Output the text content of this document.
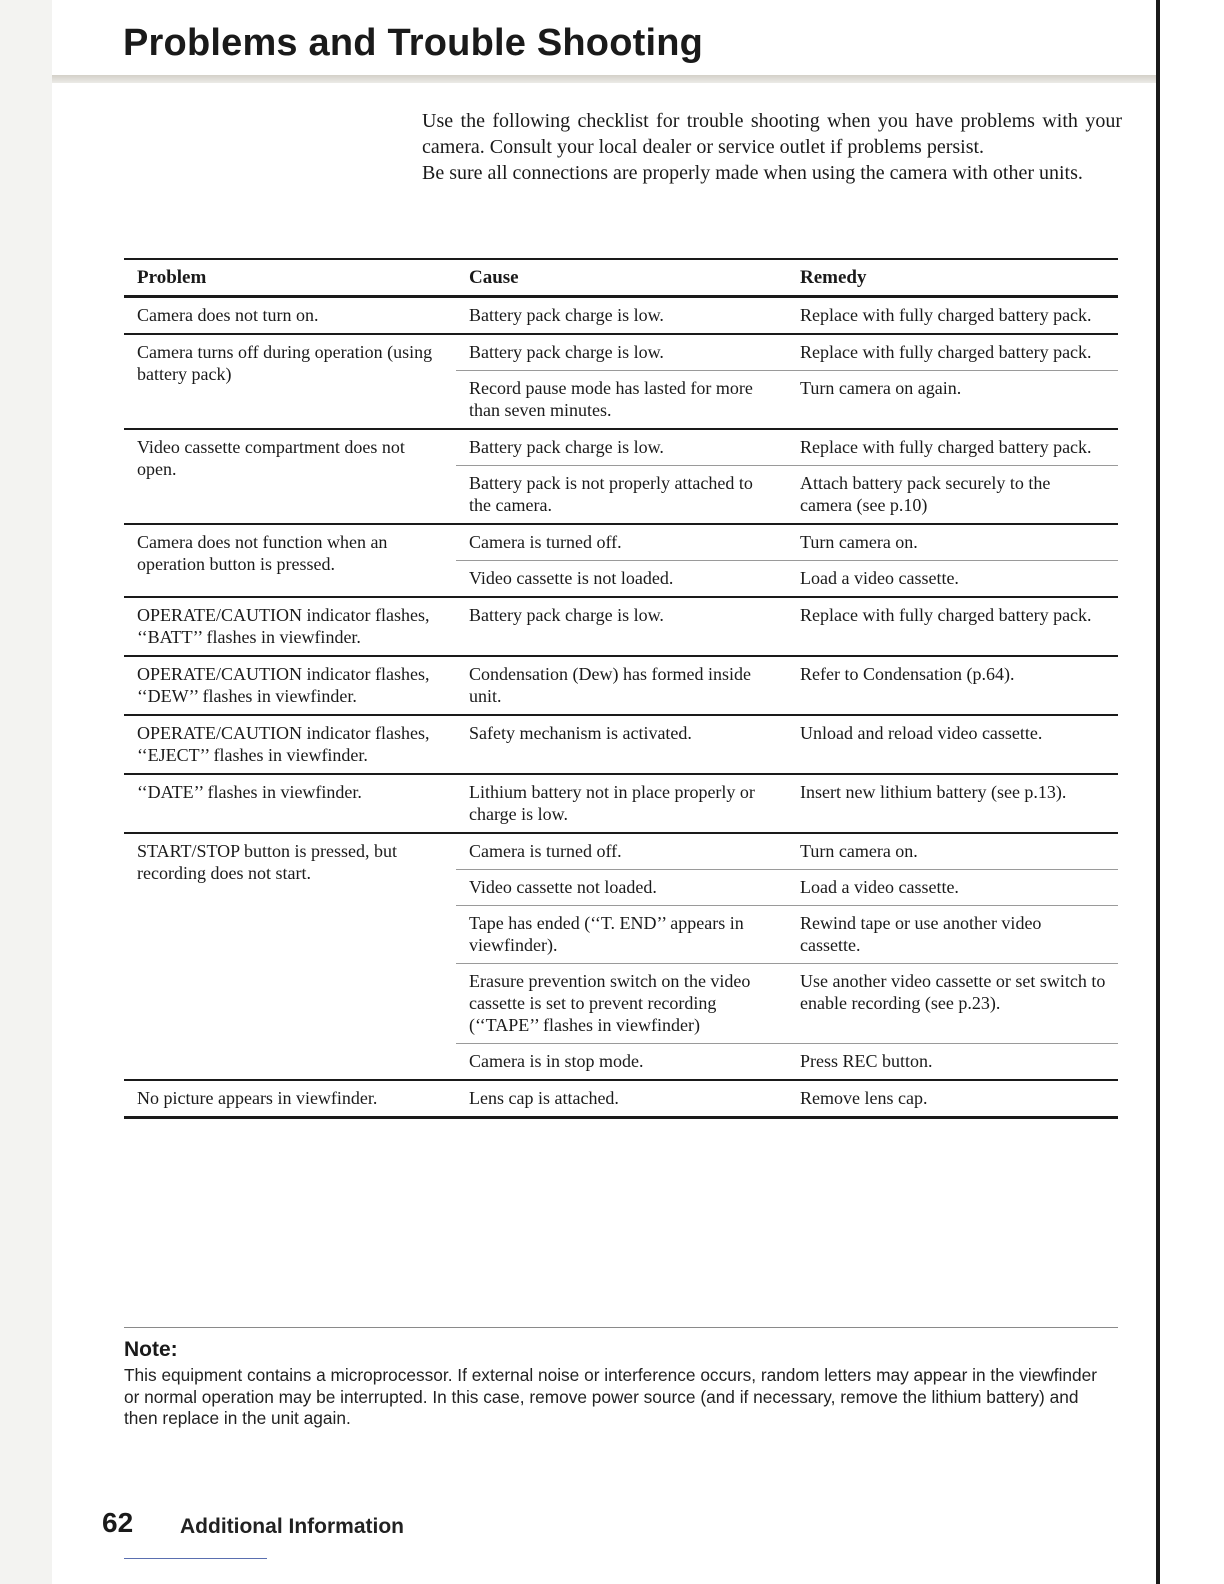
Problems and Trouble Shooting

Use the following checklist for trouble shooting when you have problems with your camera. Consult your local dealer or service outlet if problems persist.

Be sure all connections are properly made when using the camera with other units.

Problem	Cause	Remedy
Camera does not turn on.	Battery pack charge is low.	Replace with fully charged battery pack.
Camera turns off during operation (using battery pack)	Battery pack charge is low.	Replace with fully charged battery pack.
	Record pause mode has lasted for more than seven minutes.	Turn camera on again.
Video cassette compartment does not open.	Battery pack charge is low.	Replace with fully charged battery pack.
	Battery pack is not properly attached to the camera.	Attach battery pack securely to the camera (see p.10)
Camera does not function when an operation button is pressed.	Camera is turned off.	Turn camera on.
	Video cassette is not loaded.	Load a video cassette.
OPERATE/CAUTION indicator flashes, ‘‘BATT’’ flashes in viewfinder.	Battery pack charge is low.	Replace with fully charged battery pack.
OPERATE/CAUTION indicator flashes, ‘‘DEW’’ flashes in viewfinder.	Condensation (Dew) has formed inside unit.	Refer to Condensation (p.64).
OPERATE/CAUTION indicator flashes, ‘‘EJECT’’ flashes in viewfinder.	Safety mechanism is activated.	Unload and reload video cassette.
‘‘DATE’’ flashes in viewfinder.	Lithium battery not in place properly or charge is low.	Insert new lithium battery (see p.13).
START/STOP button is pressed, but recording does not start.	Camera is turned off.	Turn camera on.
	Video cassette not loaded.	Load a video cassette.
	Tape has ended (‘‘T. END’’ appears in viewfinder).	Rewind tape or use another video cassette.
	Erasure prevention switch on the video cassette is set to prevent recording (‘‘TAPE’’ flashes in viewfinder)	Use another video cassette or set switch to enable recording (see p.23).
	Camera is in stop mode.	Press REC button.
No picture appears in viewfinder.	Lens cap is attached.	Remove lens cap.
Note:

This equipment contains a microprocessor. If external noise or interference occurs, random letters may appear in the viewfinder or normal operation may be interrupted. In this case, remove power source (and if necessary, remove the lithium battery) and then replace in the unit again.

62 Additional Information
